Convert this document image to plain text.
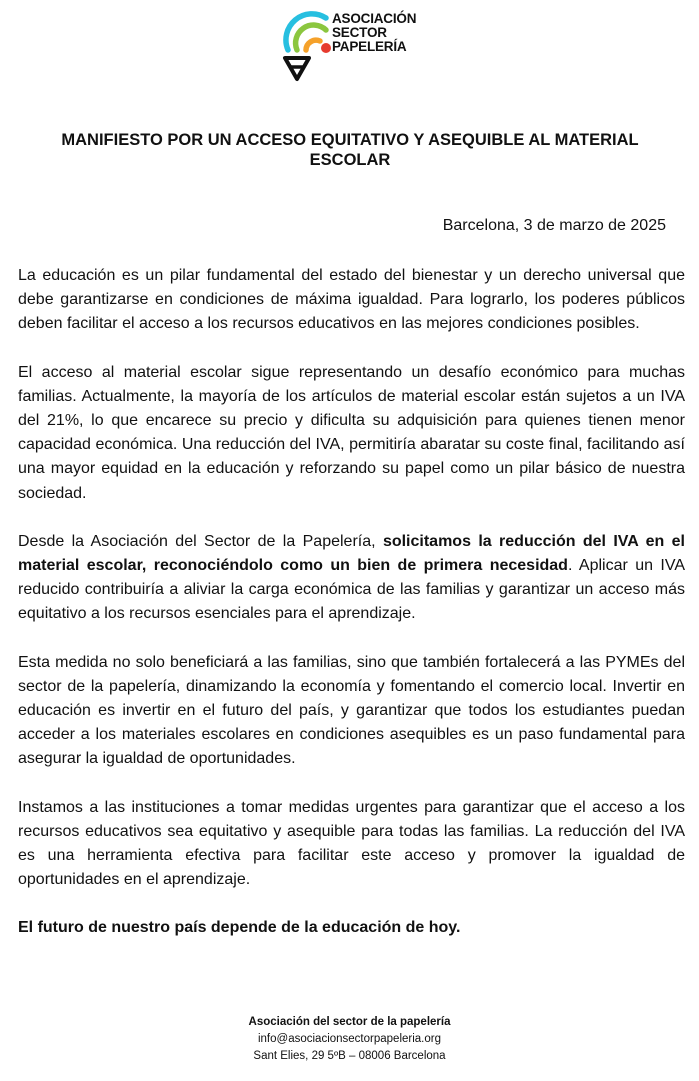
ASOCIACIÓN
SECTOR
PAPELERÍA
MANIFIESTO POR UN ACCESO EQUITATIVO Y ASEQUIBLE AL MATERIAL ESCOLAR
Barcelona, 3 de marzo de 2025

La educación es un pilar fundamental del estado del bienestar y un derecho universal que debe garantizarse en condiciones de máxima igualdad. Para lograrlo, los poderes públicos deben facilitar el acceso a los recursos educativos en las mejores condiciones posibles.

El acceso al material escolar sigue representando un desafío económico para muchas familias. Actualmente, la mayoría de los artículos de material escolar están sujetos a un IVA del 21%, lo que encarece su precio y dificulta su adquisición para quienes tienen menor capacidad económica. Una reducción del IVA, permitiría abaratar su coste final, facilitando así una mayor equidad en la educación y reforzando su papel como un pilar básico de nuestra sociedad.

Desde la Asociación del Sector de la Papelería, solicitamos la reducción del IVA en el material escolar, reconociéndolo como un bien de primera necesidad. Aplicar un IVA reducido contribuiría a aliviar la carga económica de las familias y garantizar un acceso más equitativo a los recursos esenciales para el aprendizaje.

Esta medida no solo beneficiará a las familias, sino que también fortalecerá a las PYMEs del sector de la papelería, dinamizando la economía y fomentando el comercio local. Invertir en educación es invertir en el futuro del país, y garantizar que todos los estudiantes puedan acceder a los materiales escolares en condiciones asequibles es un paso fundamental para asegurar la igualdad de oportunidades.

Instamos a las instituciones a tomar medidas urgentes para garantizar que el acceso a los recursos educativos sea equitativo y asequible para todas las familias. La reducción del IVA es una herramienta efectiva para facilitar este acceso y promover la igualdad de oportunidades en el aprendizaje.

El futuro de nuestro país depende de la educación de hoy.

Asociación del sector de la papelería
info@asociacionsectorpapeleria.org
Sant Elies, 29 5ºB – 08006 Barcelona
